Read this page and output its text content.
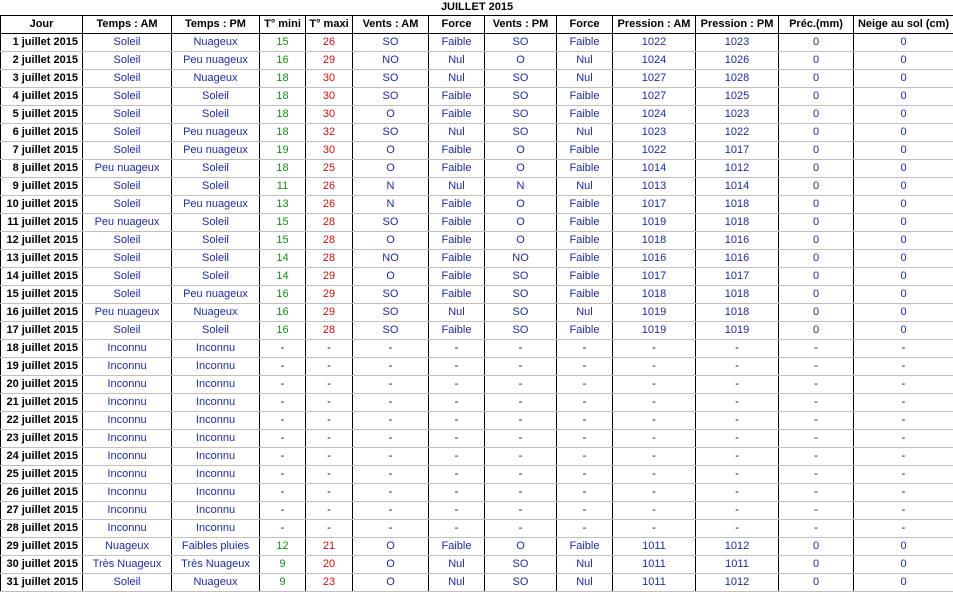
JUILLET 2015												
Jour	Temps : AM	Temps : PM	T° mini	T° maxi	Vents : AM	Force	Vents : PM	Force	Pression : AM	Pression : PM	Préc.(mm)	Neige au sol (cm)
1 juillet 2015	Soleil	Nuageux	15	26	SO	Faible	SO	Faible	1022	1023	0	0
2 juillet 2015	Soleil	Peu nuageux	16	29	NO	Nul	O	Nul	1024	1026	0	0
3 juillet 2015	Soleil	Nuageux	18	30	SO	Nul	SO	Nul	1027	1028	0	0
4 juillet 2015	Soleil	Soleil	18	30	SO	Faible	SO	Faible	1027	1025	0	0
5 juillet 2015	Soleil	Soleil	18	30	O	Faible	SO	Faible	1024	1023	0	0
6 juillet 2015	Soleil	Peu nuageux	18	32	SO	Nul	SO	Nul	1023	1022	0	0
7 juillet 2015	Soleil	Peu nuageux	19	30	O	Faible	O	Faible	1022	1017	0	0
8 juillet 2015	Peu nuageux	Soleil	18	25	O	Faible	O	Faible	1014	1012	0	0
9 juillet 2015	Soleil	Soleil	11	26	N	Nul	N	Nul	1013	1014	0	0
10 juillet 2015	Soleil	Peu nuageux	13	26	N	Faible	O	Faible	1017	1018	0	0
11 juillet 2015	Peu nuageux	Soleil	15	28	SO	Faible	O	Faible	1019	1018	0	0
12 juillet 2015	Soleil	Soleil	15	28	O	Faible	O	Faible	1018	1016	0	0
13 juillet 2015	Soleil	Soleil	14	28	NO	Faible	NO	Faible	1016	1016	0	0
14 juillet 2015	Soleil	Soleil	14	29	O	Faible	SO	Faible	1017	1017	0	0
15 juillet 2015	Soleil	Peu nuageux	16	29	SO	Faible	SO	Faible	1018	1018	0	0
16 juillet 2015	Peu nuageux	Nuageux	16	29	SO	Nul	SO	Nul	1019	1018	0	0
17 juillet 2015	Soleil	Soleil	16	28	SO	Faible	SO	Faible	1019	1019	0	0
18 juillet 2015	Inconnu	Inconnu	-	-	-	-	-	-	-	-	-	-
19 juillet 2015	Inconnu	Inconnu	-	-	-	-	-	-	-	-	-	-
20 juillet 2015	Inconnu	Inconnu	-	-	-	-	-	-	-	-	-	-
21 juillet 2015	Inconnu	Inconnu	-	-	-	-	-	-	-	-	-	-
22 juillet 2015	Inconnu	Inconnu	-	-	-	-	-	-	-	-	-	-
23 juillet 2015	Inconnu	Inconnu	-	-	-	-	-	-	-	-	-	-
24 juillet 2015	Inconnu	Inconnu	-	-	-	-	-	-	-	-	-	-
25 juillet 2015	Inconnu	Inconnu	-	-	-	-	-	-	-	-	-	-
26 juillet 2015	Inconnu	Inconnu	-	-	-	-	-	-	-	-	-	-
27 juillet 2015	Inconnu	Inconnu	-	-	-	-	-	-	-	-	-	-
28 juillet 2015	Inconnu	Inconnu	-	-	-	-	-	-	-	-	-	-
29 juillet 2015	Nuageux	Faibles pluies	12	21	O	Faible	O	Faible	1011	1012	0	0
30 juillet 2015	Très Nuageux	Très Nuageux	9	20	O	Nul	SO	Nul	1011	1011	0	0
31 juillet 2015	Soleil	Nuageux	9	23	O	Nul	SO	Nul	1011	1012	0	0
